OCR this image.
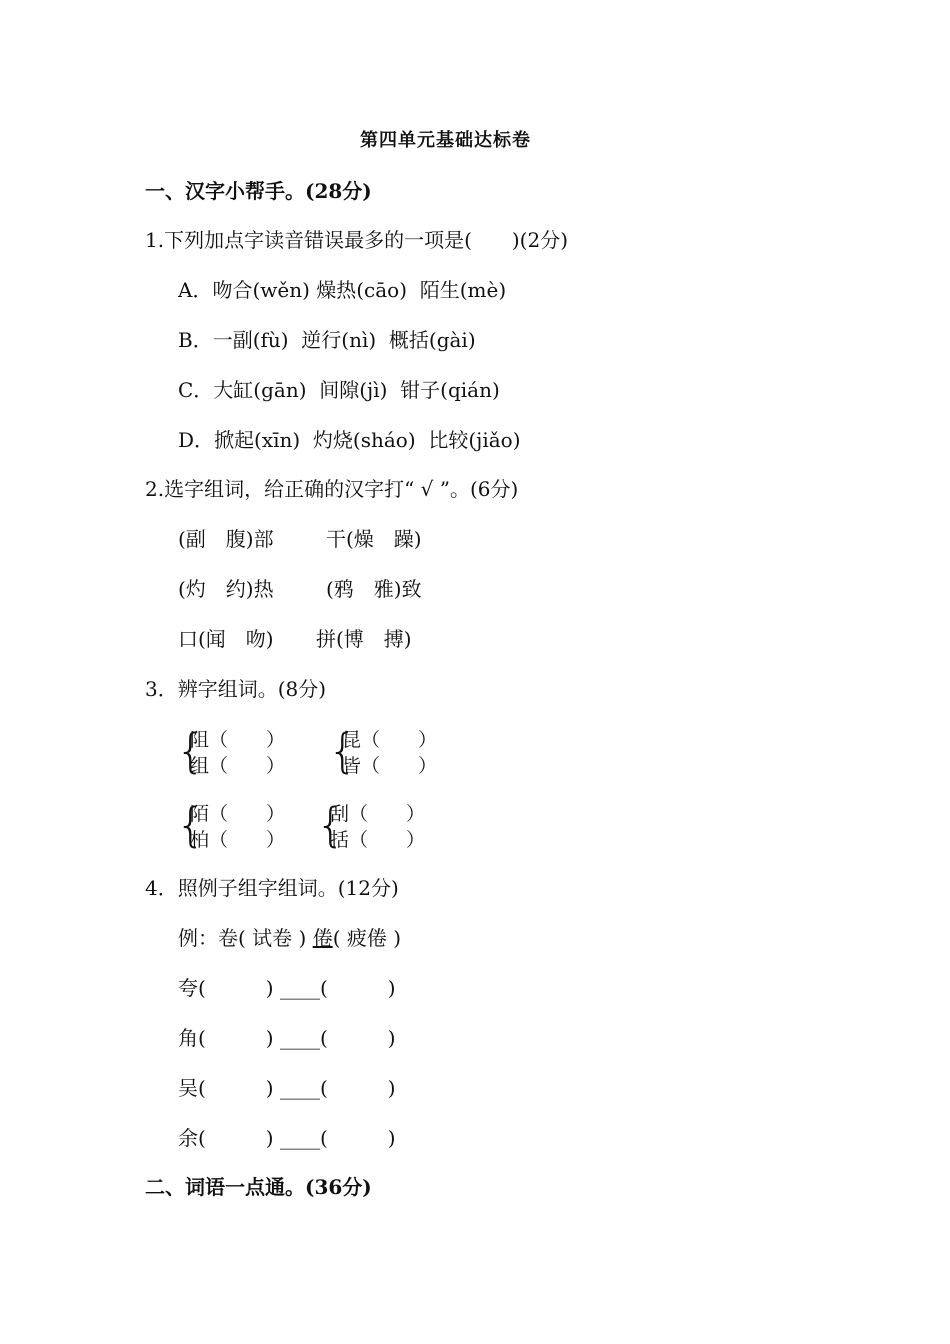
第四单元基础达标卷
一、汉字小帮手。(28分)
1.下列加点字读音错误最多的一项是(　　)(2分)
A．吻合(wěn) 燥热(cāo)  陌生(mè)
B．一副(fù)  逆行(nì)  概括(gài)
C．大缸(gān)  间隙(jì)  钳子(qián)
D．掀起(xīn)  灼烧(sháo)  比较(jiǎo)
2.选字组词，给正确的汉字打“ √ ”。(6分)
(副　腹)部	干(燥　躁)
(灼　约)热	(鸦　雅)致
口(闻　吻) 拼(博　搏)
3．辨字组词。(8分)
{
阻（　　）
组（　　） {
昆（　　）
皆（　　）
{
陌（　　）
柏（　　） {
刮（　　）
括（　　）
4．照例子组字组词。(12分)
例：卷( 试卷 ) 倦( 疲倦 )
夸(　　　) ____(　　　)
角(　　　) ____(　　　)
吴(　　　) ____(　　　)
余(　　　) ____(　　　)
二、词语一点通。(36分)
